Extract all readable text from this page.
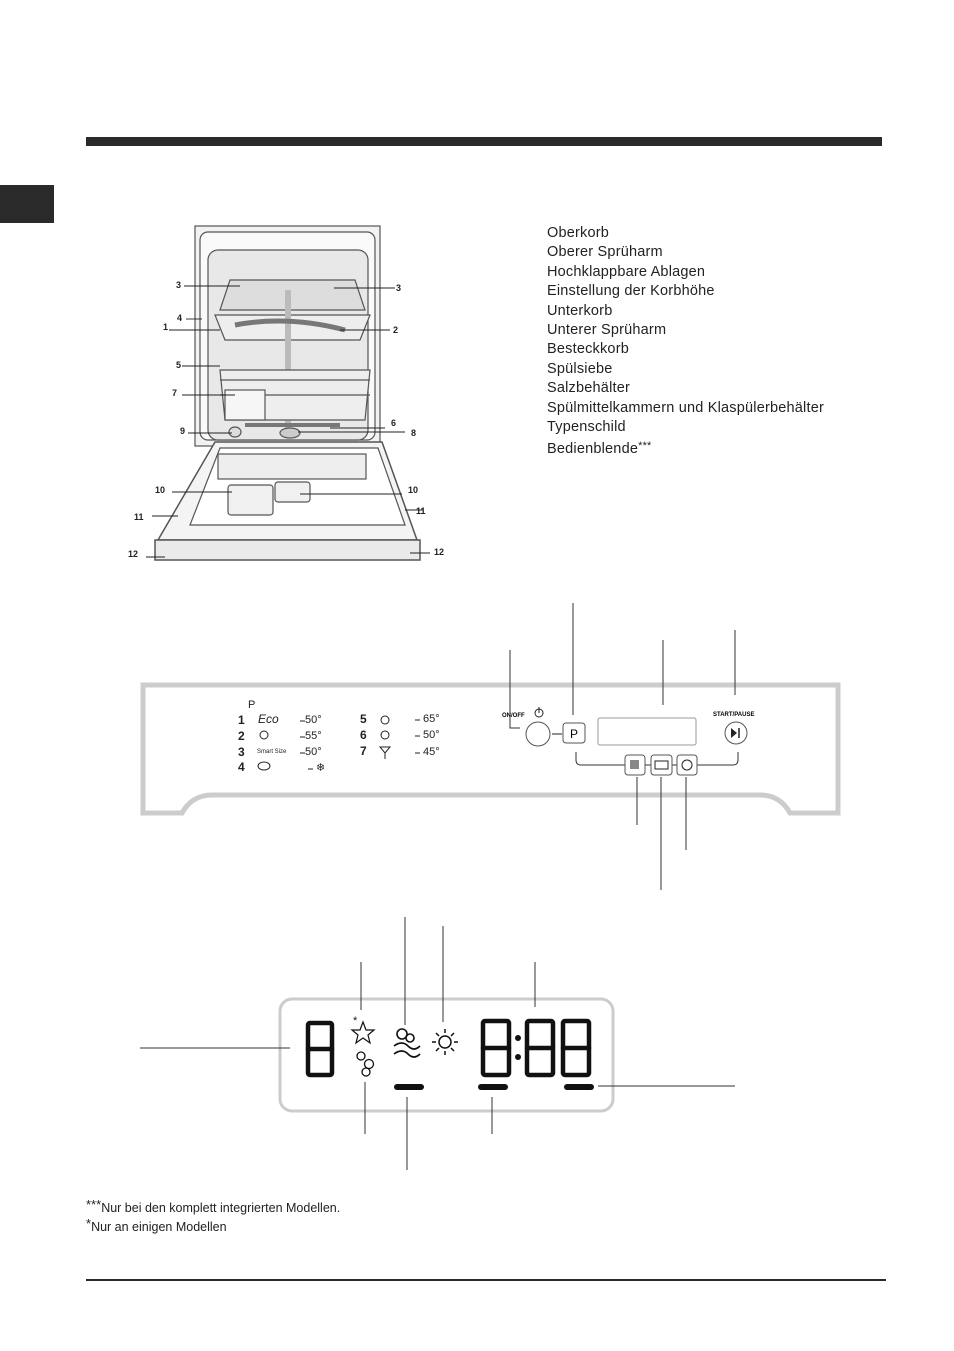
3
4
1
5
7
9
10
11
12
3
2
6
8
10
11
12
Oberkorb
Oberer Sprüharm
Hochklappbare Ablagen
Einstellung der Korbhöhe
Unterkorb
Unterer Sprüharm
Besteckkorb
Spülsiebe
Salzbehälter
Spülmittelkammern und Klaspülerbehälter
Typenschild
Bedienblende***
P
1
2
3
4
5
6
7
Eco
Smart Size
50°
55°
50°
❄
65°
50°
45°
ON/OFF
P
START/PAUSE
*
***Nur bei den komplett integrierten Modellen.
*Nur an einigen Modellen
